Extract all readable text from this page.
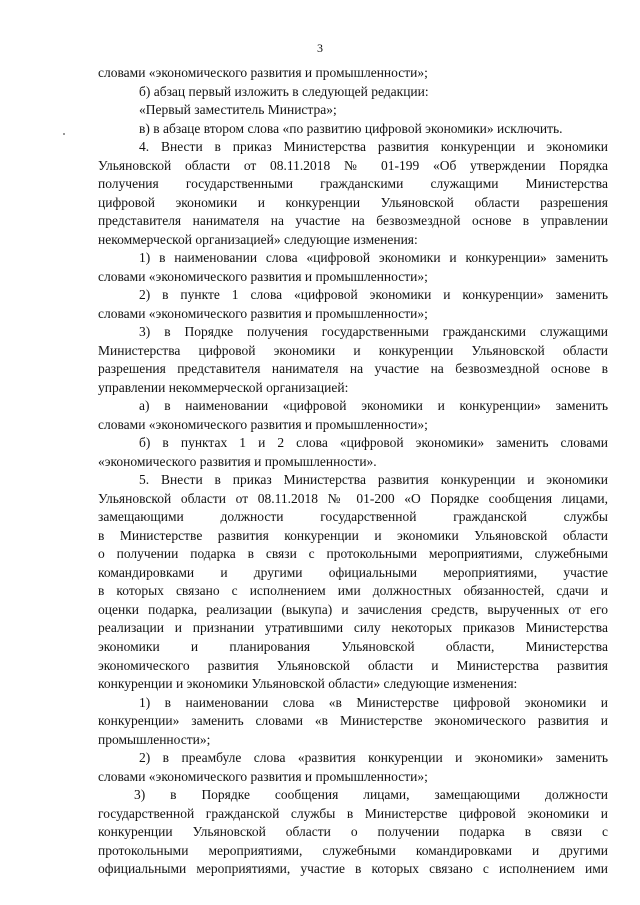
3
словами «экономического развития и промышленности»;
б) абзац первый изложить в следующей редакции:
«Первый заместитель Министра»;
в) в абзаце втором слова «по развитию цифровой экономики» исключить.
4. Внести в приказ Министерства развития конкуренции и экономики
Ульяновской области от 08.11.2018 № 01-199 «Об утверждении Порядка
получения государственными гражданскими служащими Министерства
цифровой экономики и конкуренции Ульяновской области разрешения
представителя нанимателя на участие на безвозмездной основе в управлении
некоммерческой организацией» следующие изменения:
1) в наименовании слова «цифровой экономики и конкуренции» заменить
словами «экономического развития и промышленности»;
2) в пункте 1 слова «цифровой экономики и конкуренции» заменить
словами «экономического развития и промышленности»;
3) в Порядке получения государственными гражданскими служащими
Министерства цифровой экономики и конкуренции Ульяновской области
разрешения представителя нанимателя на участие на безвозмездной основе в
управлении некоммерческой организацией:
а) в наименовании «цифровой экономики и конкуренции» заменить
словами «экономического развития и промышленности»;
б) в пунктах 1 и 2 слова «цифровой экономики» заменить словами
«экономического развития и промышленности».
5. Внести в приказ Министерства развития конкуренции и экономики
Ульяновской области от 08.11.2018 № 01-200 «О Порядке сообщения лицами,
замещающими должности государственной гражданской службы
в Министерстве развития конкуренции и экономики Ульяновской области
о получении подарка в связи с протокольными мероприятиями, служебными
командировками и другими официальными мероприятиями, участие
в которых связано с исполнением ими должностных обязанностей, сдачи и
оценки подарка, реализации (выкупа) и зачисления средств, вырученных от его
реализации и признании утратившими силу некоторых приказов Министерства
экономики и планирования Ульяновской области, Министерства
экономического развития Ульяновской области и Министерства развития
конкуренции и экономики Ульяновской области» следующие изменения:
1) в наименовании слова «в Министерстве цифровой экономики и
конкуренции» заменить словами «в Министерстве экономического развития и
промышленности»;
2) в преамбуле слова «развития конкуренции и экономики» заменить
словами «экономического развития и промышленности»;
3) в Порядке сообщения лицами, замещающими должности
государственной гражданской службы в Министерстве цифровой экономики и
конкуренции Ульяновской области о получении подарка в связи с
протокольными мероприятиями, служебными командировками и другими
официальными мероприятиями, участие в которых связано с исполнением ими
